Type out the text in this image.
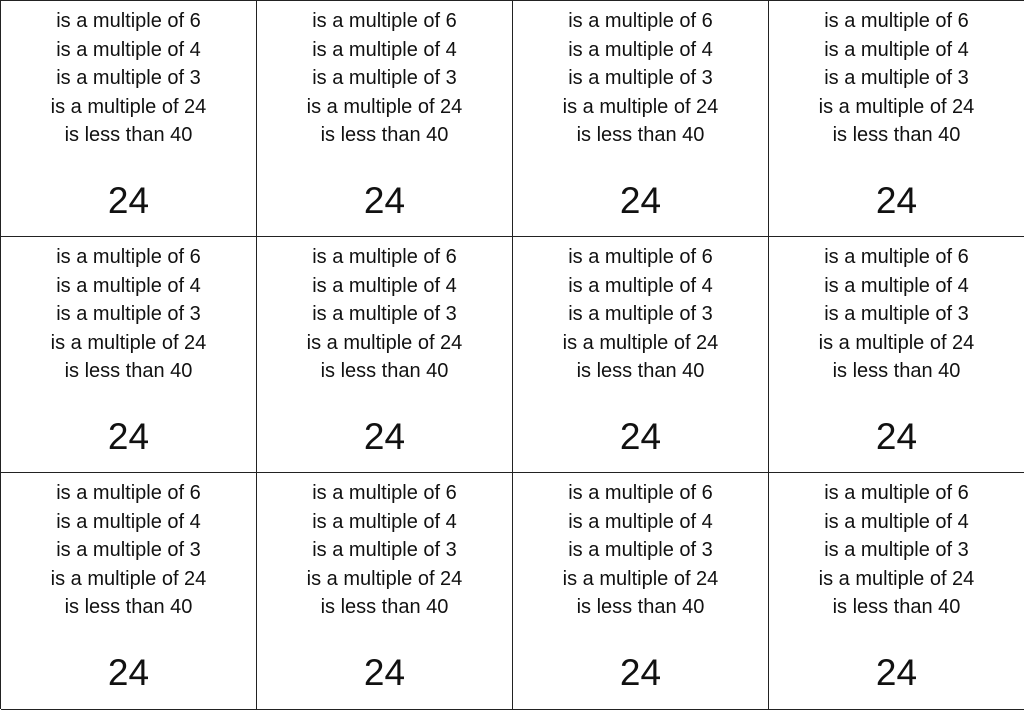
is a multiple of 6
is a multiple of 4
is a multiple of 3
is a multiple of 24
is less than 40
24
is a multiple of 6
is a multiple of 4
is a multiple of 3
is a multiple of 24
is less than 40
24
is a multiple of 6
is a multiple of 4
is a multiple of 3
is a multiple of 24
is less than 40
24
is a multiple of 6
is a multiple of 4
is a multiple of 3
is a multiple of 24
is less than 40
24
is a multiple of 6
is a multiple of 4
is a multiple of 3
is a multiple of 24
is less than 40
24
is a multiple of 6
is a multiple of 4
is a multiple of 3
is a multiple of 24
is less than 40
24
is a multiple of 6
is a multiple of 4
is a multiple of 3
is a multiple of 24
is less than 40
24
is a multiple of 6
is a multiple of 4
is a multiple of 3
is a multiple of 24
is less than 40
24
is a multiple of 6
is a multiple of 4
is a multiple of 3
is a multiple of 24
is less than 40
24
is a multiple of 6
is a multiple of 4
is a multiple of 3
is a multiple of 24
is less than 40
24
is a multiple of 6
is a multiple of 4
is a multiple of 3
is a multiple of 24
is less than 40
24
is a multiple of 6
is a multiple of 4
is a multiple of 3
is a multiple of 24
is less than 40
24
